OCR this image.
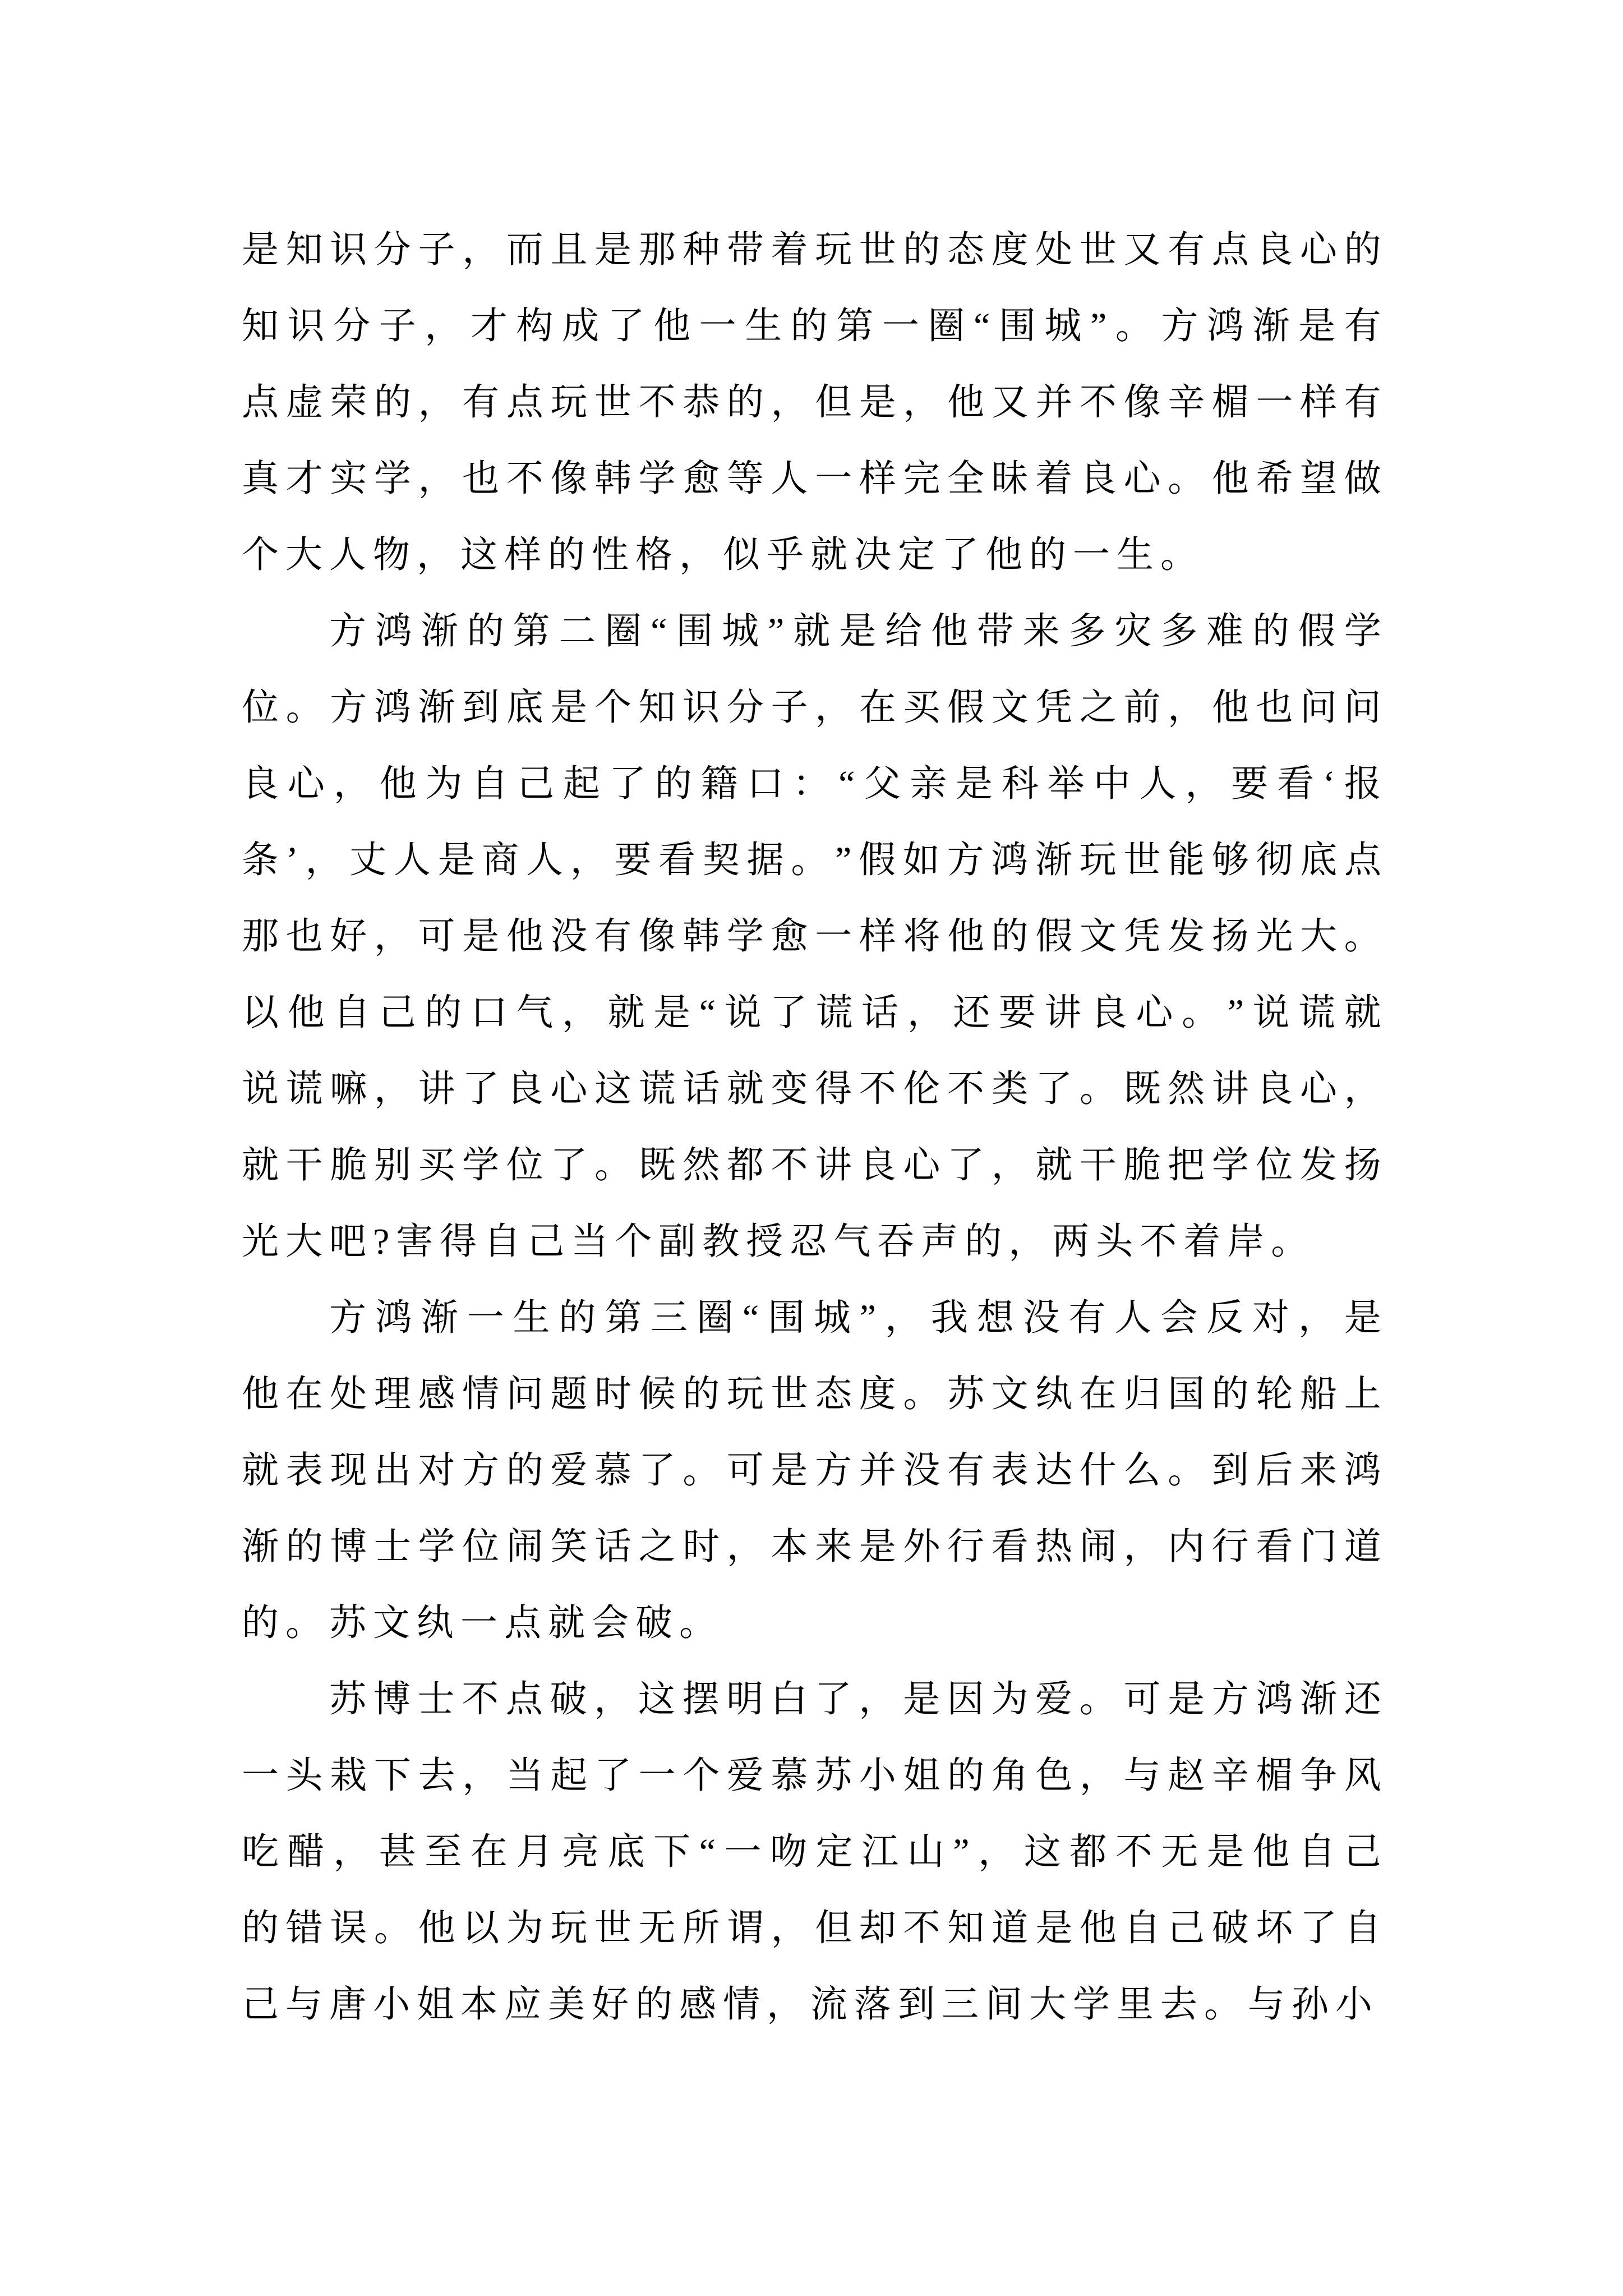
是 知 识 分 子 ， 而 且 是 那 种 带 着 玩 世 的 态 度 处 世 又 有 点 良 心 的
知 识 分 子 ， 才 构 成 了 他 一 生 的 第 一 圈 “ 围 城 ” 。 方 鸿 渐 是 有
点 虚 荣 的 ， 有 点 玩 世 不 恭 的 ， 但 是 ， 他 又 并 不 像 辛 楣 一 样 有
真 才 实 学 ， 也 不 像 韩 学 愈 等 人 一 样 完 全 昧 着 良 心 。 他 希 望 做
个大人物，这样的性格，似乎就决定了他的一生。
方 鸿 渐 的 第 二 圈 “ 围 城 ” 就 是 给 他 带 来 多 灾 多 难 的 假 学
位 。 方 鸿 渐 到 底 是 个 知 识 分 子 ， 在 买 假 文 凭 之 前 ， 他 也 问 问
良 心 ， 他 为 自 己 起 了 的 籍 口 ： “ 父 亲 是 科 举 中 人 ， 要 看 ‘ 报
条 ’ ， 丈 人 是 商 人 ， 要 看 契 据 。 ” 假 如 方 鸿 渐 玩 世 能 够 彻 底 点
那 也 好 ， 可 是 他 没 有 像 韩 学 愈 一 样 将 他 的 假 文 凭 发 扬 光 大 。
以 他 自 己 的 口 气 ， 就 是 “ 说 了 谎 话 ， 还 要 讲 良 心 。 ” 说 谎 就
说 谎 嘛 ， 讲 了 良 心 这 谎 话 就 变 得 不 伦 不 类 了 。 既 然 讲 良 心 ，
就 干 脆 别 买 学 位 了 。 既 然 都 不 讲 良 心 了 ， 就 干 脆 把 学 位 发 扬
光大吧?害得自己当个副教授忍气吞声的，两头不着岸。
方 鸿 渐 一 生 的 第 三 圈 “ 围 城 ” ， 我 想 没 有 人 会 反 对 ， 是
他 在 处 理 感 情 问 题 时 候 的 玩 世 态 度 。 苏 文 纨 在 归 国 的 轮 船 上
就 表 现 出 对 方 的 爱 慕 了 。 可 是 方 并 没 有 表 达 什 么 。 到 后 来 鸿
渐 的 博 士 学 位 闹 笑 话 之 时 ， 本 来 是 外 行 看 热 闹 ， 内 行 看 门 道
的。苏文纨一点就会破。
苏 博 士 不 点 破 ， 这 摆 明 白 了 ， 是 因 为 爱 。 可 是 方 鸿 渐 还
一 头 栽 下 去 ， 当 起 了 一 个 爱 慕 苏 小 姐 的 角 色 ， 与 赵 辛 楣 争 风
吃 醋 ， 甚 至 在 月 亮 底 下 “ 一 吻 定 江 山 ” ， 这 都 不 无 是 他 自 己
的 错 误 。 他 以 为 玩 世 无 所 谓 ， 但 却 不 知 道 是 他 自 己 破 坏 了 自
己与唐小姐本应美好的感情，流落到三间大学里去。与孙小
